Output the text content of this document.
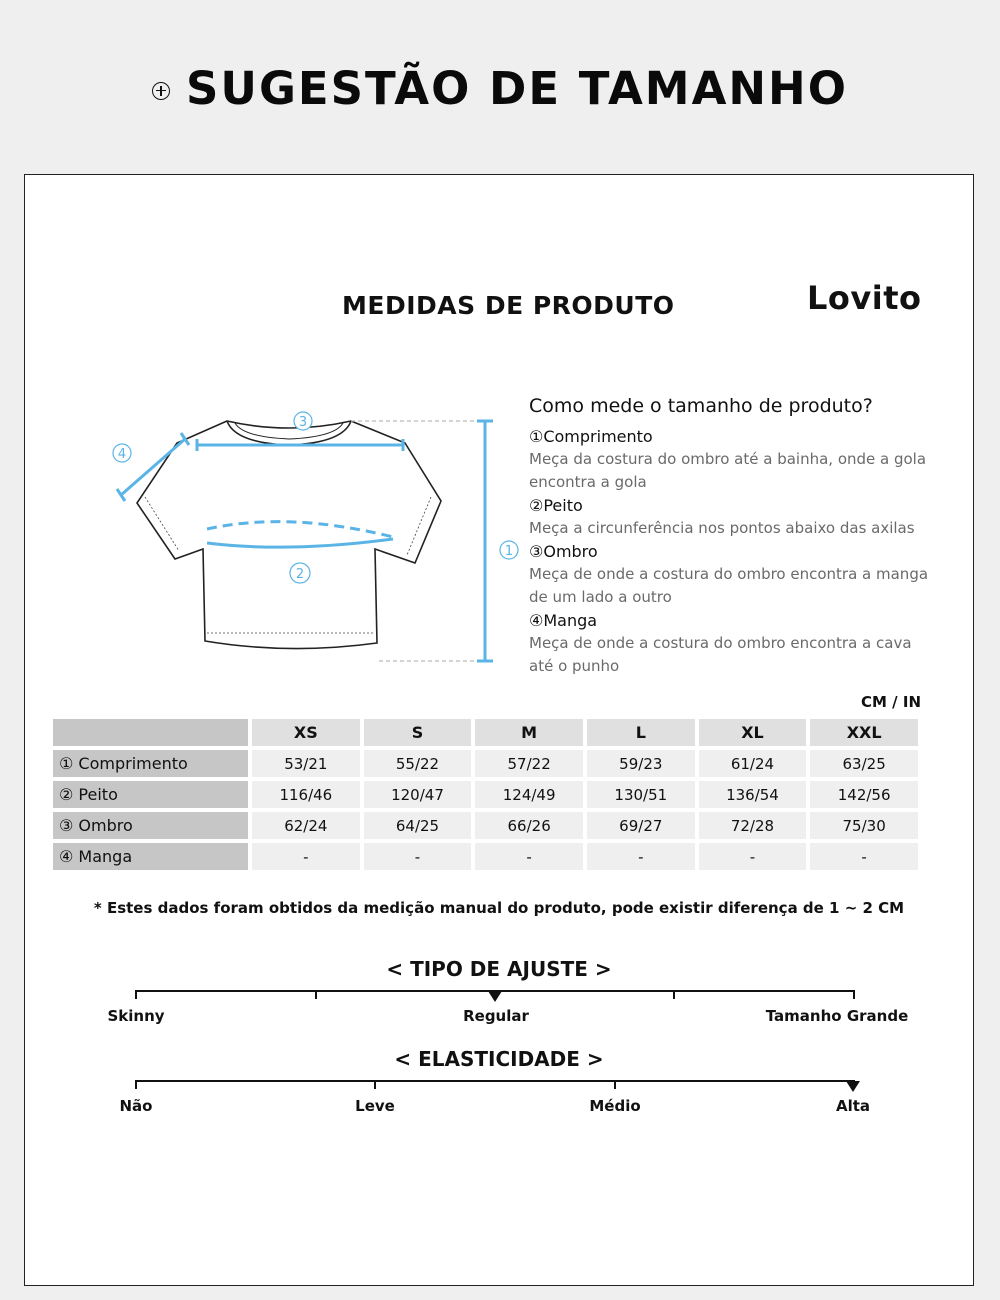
SUGESTÃO DE TAMANHO
MEDIDAS DE PRODUTO	Lovito
1
3
2
4
Como mede o tamanho de produto?
①Comprimento
Meça da costura do ombro até a bainha, onde a gola encontra a gola
②Peito
Meça a circunferência nos pontos abaixo das axilas
③Ombro
Meça de onde a costura do ombro encontra a manga de um lado a outro
④Manga
Meça de onde a costura do ombro encontra a cava até o punho
CM / IN
	XS	S	M	L	XL	XXL
① Comprimento	53/21	55/22	57/22	59/23	61/24	63/25
② Peito	116/46	120/47	124/49	130/51	136/54	142/56
③ Ombro	62/24	64/25	66/26	69/27	72/28	75/30
④ Manga	-	-	-	-	-	-
* Estes dados foram obtidos da medição manual do produto, pode existir diferença de 1 ~ 2 CM
< TIPO DE AJUSTE >
Skinny	Regular	Tamanho Grande
< ELASTICIDADE >
Não	Leve	Médio	Alta
